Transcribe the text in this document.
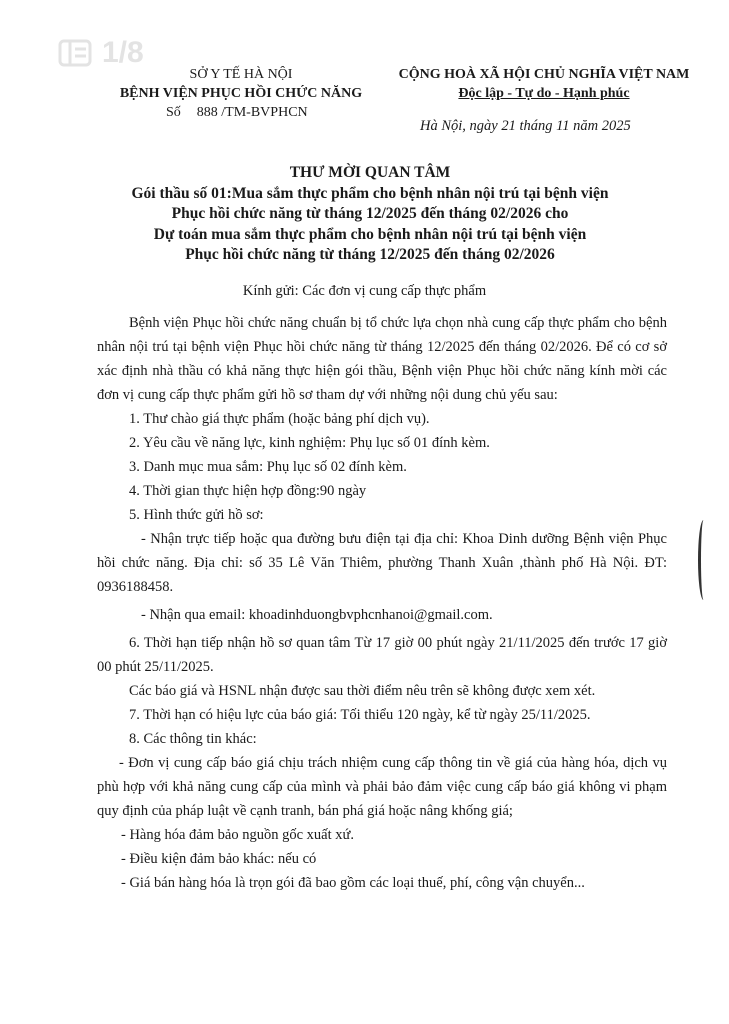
1/8
SỞ Y TẾ HÀ NỘI
BỆNH VIỆN PHỤC HỒI CHỨC NĂNG
Số 888 /TM-BVPHCN
CỘNG HOÀ XÃ HỘI CHỦ NGHĨA VIỆT NAM
Độc lập - Tự do - Hạnh phúc
Hà Nội, ngày 21 tháng 11 năm 2025
THƯ MỜI QUAN TÂM
Gói thầu số 01:Mua sắm thực phẩm cho bệnh nhân nội trú tại bệnh viện
Phục hồi chức năng từ tháng 12/2025 đến tháng 02/2026 cho
Dự toán mua sắm thực phẩm cho bệnh nhân nội trú tại bệnh viện
Phục hồi chức năng từ tháng 12/2025 đến tháng 02/2026
Kính gửi: Các đơn vị cung cấp thực phẩm

Bệnh viện Phục hồi chức năng chuẩn bị tổ chức lựa chọn nhà cung cấp thực phẩm cho bệnh nhân nội trú tại bệnh viện Phục hồi chức năng từ tháng 12/2025 đến tháng 02/2026. Để có cơ sở xác định nhà thầu có khả năng thực hiện gói thầu, Bệnh viện Phục hồi chức năng kính mời các đơn vị cung cấp thực phẩm gửi hồ sơ tham dự với những nội dung chủ yếu sau:

1. Thư chào giá thực phẩm (hoặc bảng phí dịch vụ).

2. Yêu cầu về năng lực, kinh nghiệm: Phụ lục số 01 đính kèm.

3. Danh mục mua sắm: Phụ lục số 02 đính kèm.

4. Thời gian thực hiện hợp đồng:90 ngày

5. Hình thức gửi hồ sơ:

- Nhận trực tiếp hoặc qua đường bưu điện tại địa chỉ: Khoa Dinh dưỡng Bệnh viện Phục hồi chức năng. Địa chỉ: số 35 Lê Văn Thiêm, phường Thanh Xuân ,thành phố Hà Nội. ĐT: 0936188458.

- Nhận qua email: khoadinhduongbvphcnhanoi@gmail.com.

6. Thời hạn tiếp nhận hồ sơ quan tâm Từ 17 giờ 00 phút ngày 21/11/2025 đến trước 17 giờ 00 phút 25/11/2025.

Các báo giá và HSNL nhận được sau thời điểm nêu trên sẽ không được xem xét.

7. Thời hạn có hiệu lực của báo giá: Tối thiểu 120 ngày, kể từ ngày 25/11/2025.

8. Các thông tin khác:

- Đơn vị cung cấp báo giá chịu trách nhiệm cung cấp thông tin về giá của hàng hóa, dịch vụ phù hợp với khả năng cung cấp của mình và phải bảo đảm việc cung cấp báo giá không vi phạm quy định của pháp luật về cạnh tranh, bán phá giá hoặc nâng khống giá;

- Hàng hóa đảm bảo nguồn gốc xuất xứ.

- Điều kiện đảm bảo khác: nếu có

- Giá bán hàng hóa là trọn gói đã bao gồm các loại thuế, phí, công vận chuyển...
